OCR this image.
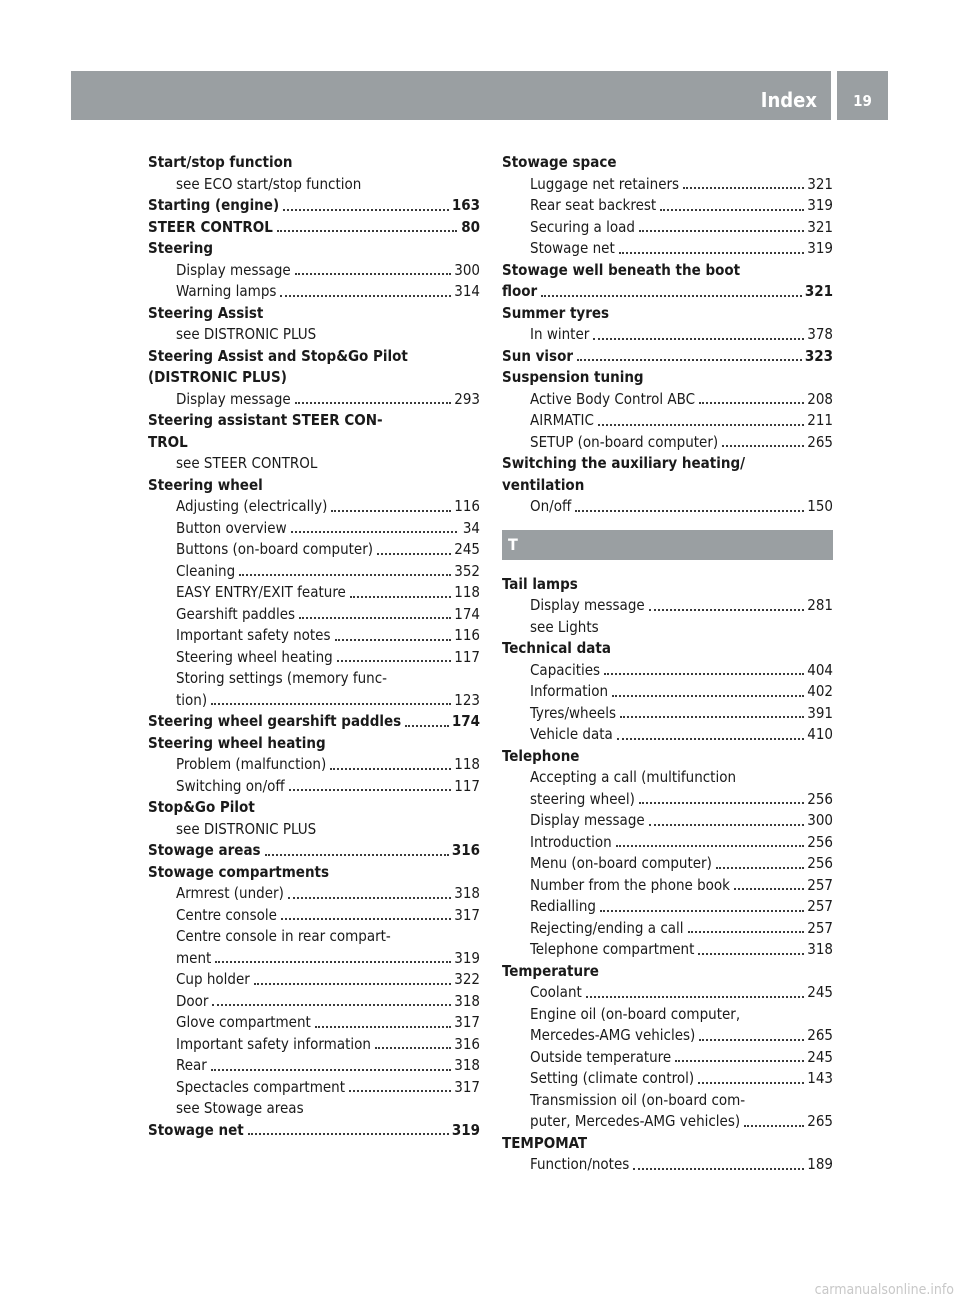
Index	19
Start/stop function
see ECO start/stop function
Starting (engine)	163
STEER CONTROL	80
Steering
Display message	300
Warning lamps	314
Steering Assist
see DISTRONIC PLUS
Steering Assist and Stop&Go Pilot
(DISTRONIC PLUS)
Display message	293
Steering assistant STEER CON-
TROL
see STEER CONTROL
Steering wheel
Adjusting (electrically)	116
Button overview	34
Buttons (on-board computer)	245
Cleaning	352
EASY ENTRY/EXIT feature	118
Gearshift paddles	174
Important safety notes	116
Steering wheel heating	117
Storing settings (memory func-
tion)	123
Steering wheel gearshift paddles	174
Steering wheel heating
Problem (malfunction)	118
Switching on/off	117
Stop&Go Pilot
see DISTRONIC PLUS
Stowage areas	316
Stowage compartments
Armrest (under)	318
Centre console	317
Centre console in rear compart-
ment	319
Cup holder	322
Door	318
Glove compartment	317
Important safety information	316
Rear	318
Spectacles compartment	317
see Stowage areas
Stowage net	319
Stowage space
Luggage net retainers	321
Rear seat backrest	319
Securing a load	321
Stowage net	319
Stowage well beneath the boot
floor	321
Summer tyres
In winter	378
Sun visor	323
Suspension tuning
Active Body Control ABC	208
AIRMATIC	211
SETUP (on-board computer)	265
Switching the auxiliary heating/
ventilation
On/off	150
T
Tail lamps
Display message	281
see Lights
Technical data
Capacities	404
Information	402
Tyres/wheels	391
Vehicle data	410
Telephone
Accepting a call (multifunction
steering wheel)	256
Display message	300
Introduction	256
Menu (on-board computer)	256
Number from the phone book	257
Redialling	257
Rejecting/ending a call	257
Telephone compartment	318
Temperature
Coolant	245
Engine oil (on-board computer,
Mercedes-AMG vehicles)	265
Outside temperature	245
Setting (climate control)	143
Transmission oil (on-board com-
puter, Mercedes-AMG vehicles)	265
TEMPOMAT
Function/notes	189
carmanualsonline.info
